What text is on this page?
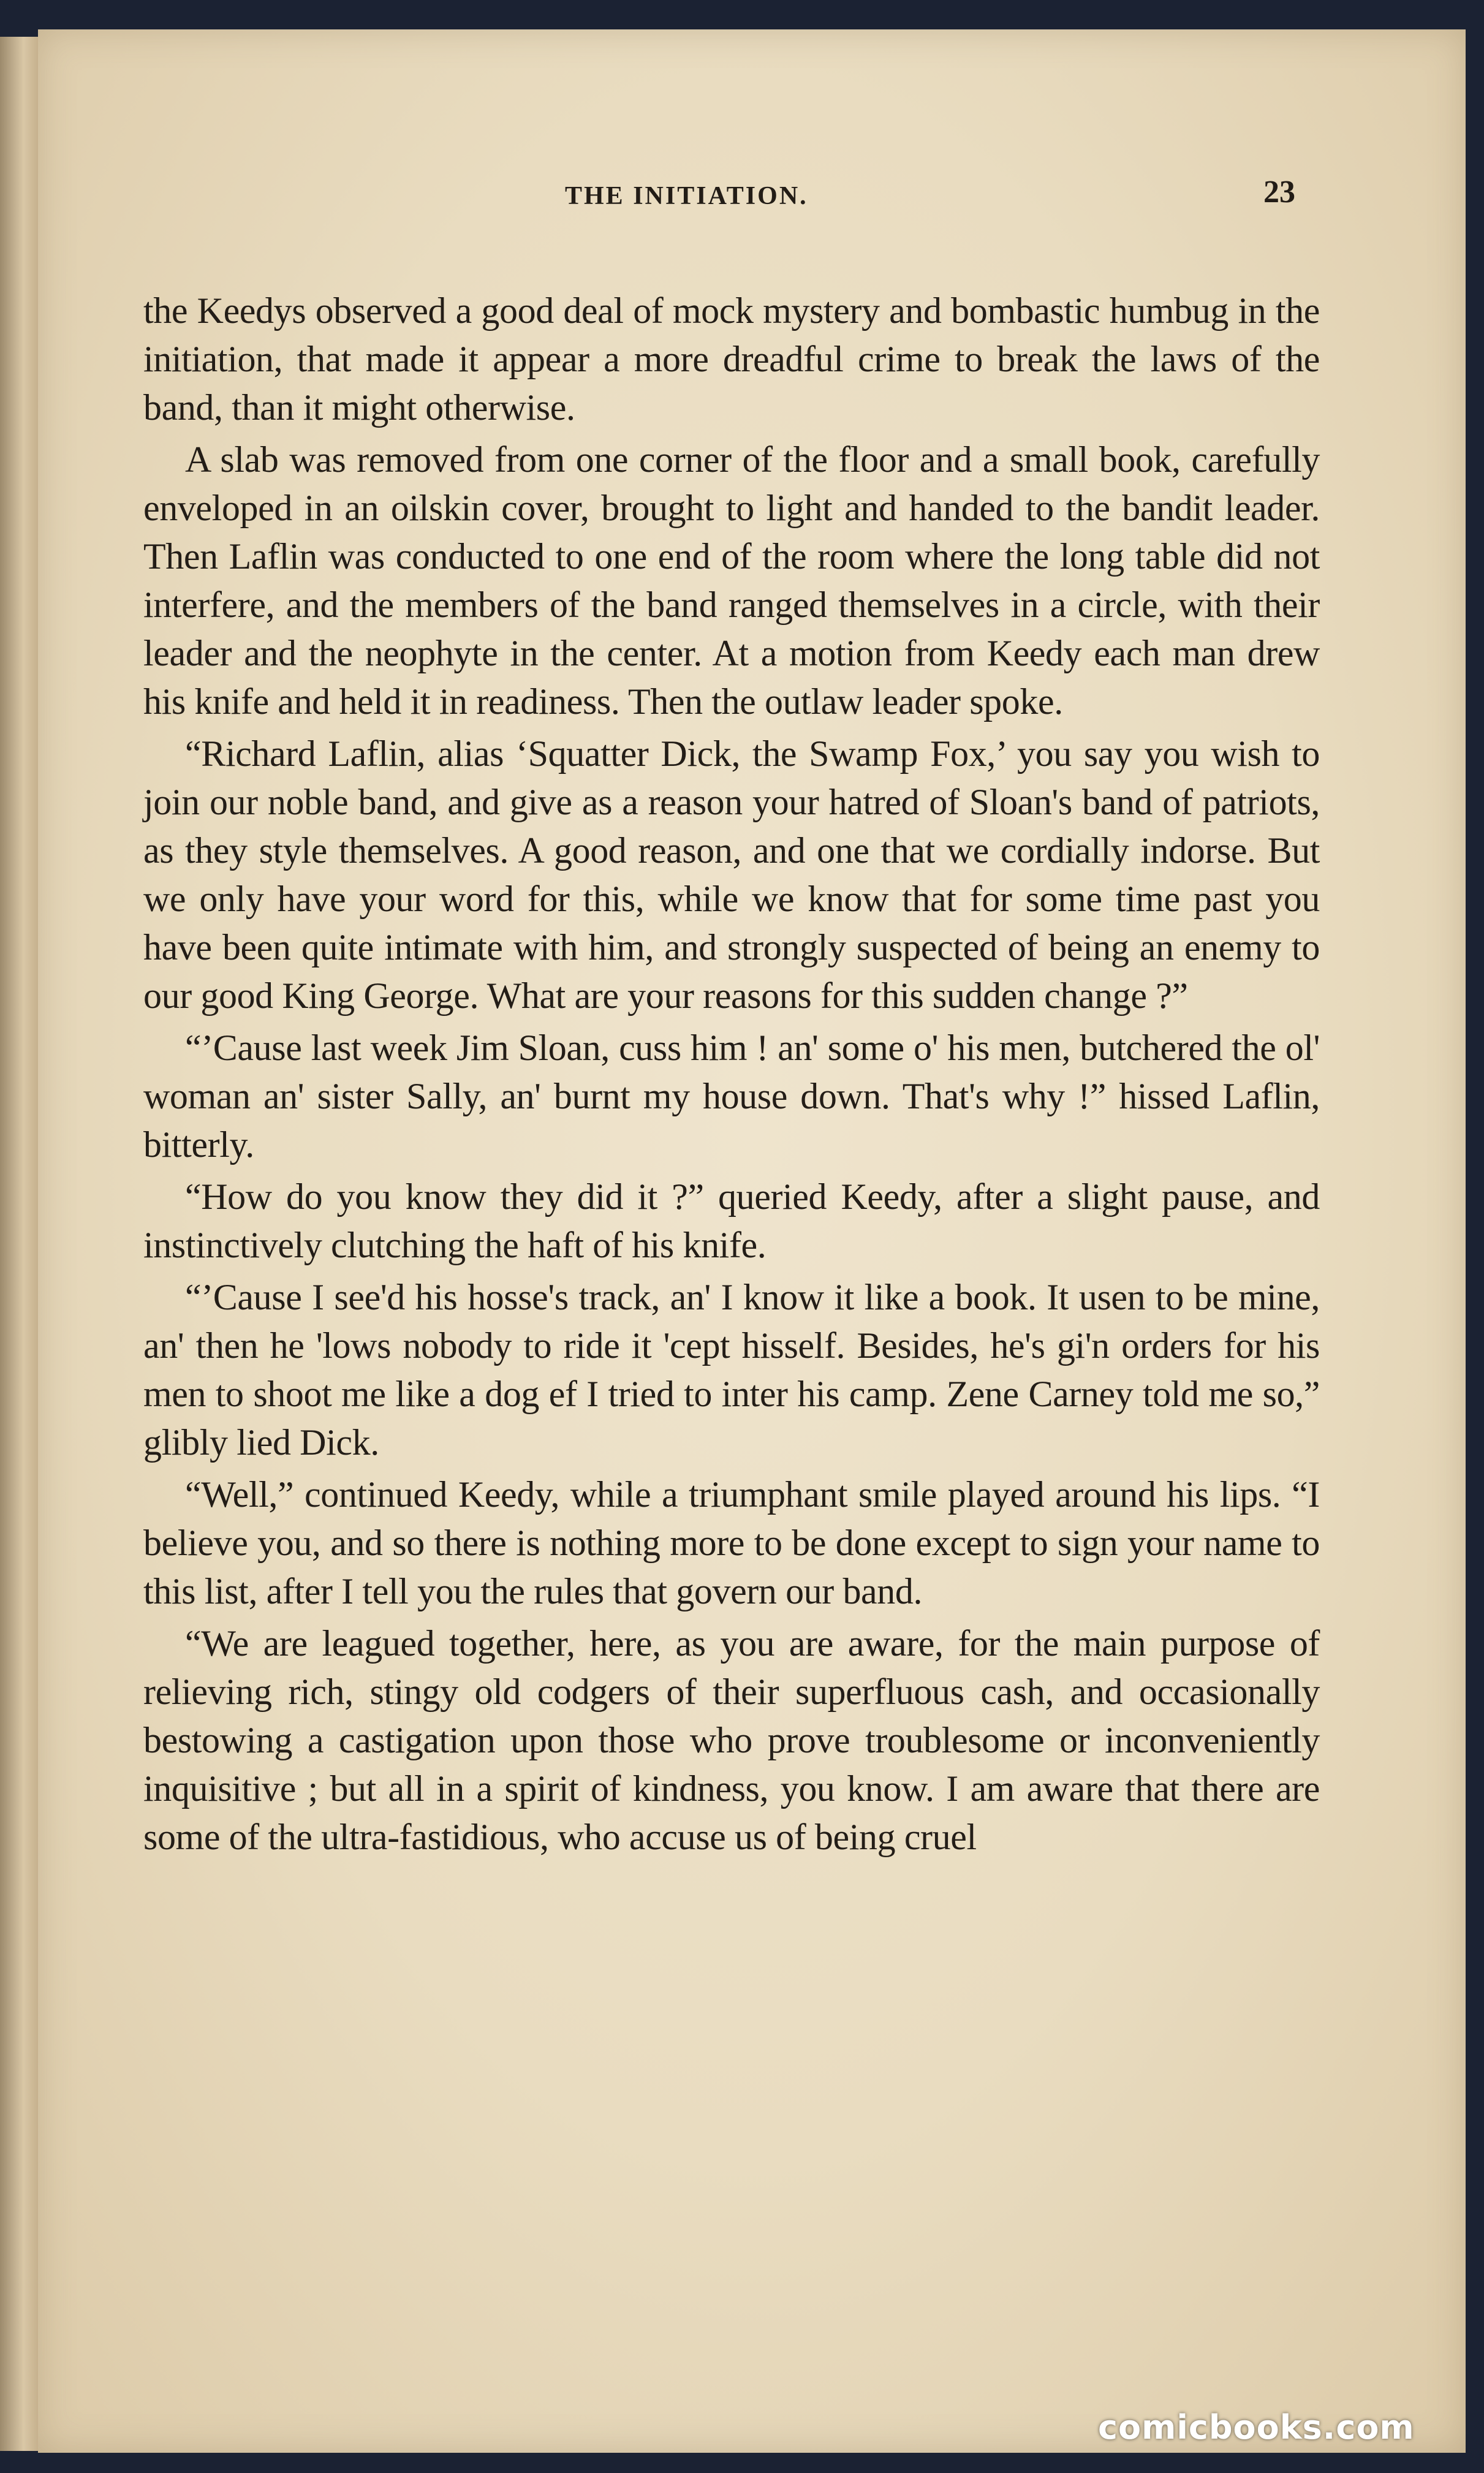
THE INITIATION.	23

the Keedys observed a good deal of mock mystery and bombastic humbug in the initiation, that made it appear a more dreadful crime to break the laws of the band, than it might otherwise.

A slab was removed from one corner of the floor and a small book, carefully enveloped in an oilskin cover, brought to light and handed to the bandit leader. Then Laflin was conducted to one end of the room where the long table did not interfere, and the members of the band ranged themselves in a circle, with their leader and the neophyte in the center. At a motion from Keedy each man drew his knife and held it in readiness. Then the outlaw leader spoke.

“Richard Laflin, alias ‘Squatter Dick, the Swamp Fox,’ you say you wish to join our noble band, and give as a reason your hatred of Sloan's band of patriots, as they style themselves. A good reason, and one that we cordially indorse. But we only have your word for this, while we know that for some time past you have been quite intimate with him, and strongly suspected of being an enemy to our good King George. What are your reasons for this sudden change ?”

“’Cause last week Jim Sloan, cuss him ! an' some o' his men, butchered the ol' woman an' sister Sally, an' burnt my house down. That's why !” hissed Laflin, bitterly.

“How do you know they did it ?” queried Keedy, after a slight pause, and instinctively clutching the haft of his knife.

“’Cause I see'd his hosse's track, an' I know it like a book. It usen to be mine, an' then he 'lows nobody to ride it 'cept hisself. Besides, he's gi'n orders for his men to shoot me like a dog ef I tried to inter his camp. Zene Carney told me so,” glibly lied Dick.

“Well,” continued Keedy, while a triumphant smile played around his lips. “I believe you, and so there is nothing more to be done except to sign your name to this list, after I tell you the rules that govern our band.

“We are leagued together, here, as you are aware, for the main purpose of relieving rich, stingy old codgers of their superfluous cash, and occasionally bestowing a castigation upon those who prove troublesome or inconveniently inquisitive ; but all in a spirit of kindness, you know. I am aware that there are some of the ultra-fastidious, who accuse us of being cruel

comicbooks.com
